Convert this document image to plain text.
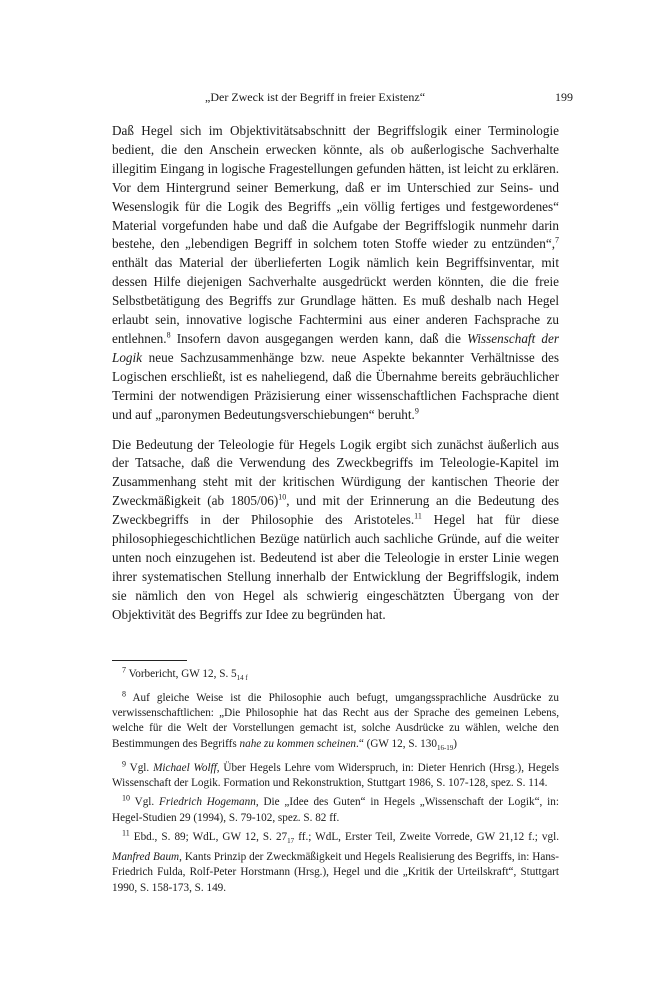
„Der Zweck ist der Begriff in freier Existenz“	199

Daß Hegel sich im Objektivitätsabschnitt der Begriffslogik einer Terminologie bedient, die den Anschein erwecken könnte, als ob außerlogische Sachverhalte illegitim Eingang in logische Fragestellungen gefunden hätten, ist leicht zu erklären. Vor dem Hintergrund seiner Bemerkung, daß er im Unterschied zur Seins- und Wesenslogik für die Logik des Begriffs „ein völlig fertiges und festgewordenes“ Material vorgefunden habe und daß die Aufgabe der Begriffslogik nunmehr darin bestehe, den „lebendigen Begriff in solchem toten Stoffe wieder zu entzünden“,$^7$ enthält das Material der überlieferten Logik nämlich kein Begriffsinventar, mit dessen Hilfe diejenigen Sachverhalte ausgedrückt werden könnten, die die freie Selbstbetätigung des Begriffs zur Grundlage hätten. Es muß deshalb nach Hegel erlaubt sein, innovative logische Fachtermini aus einer anderen Fachsprache zu entlehnen.$^8$ Insofern davon ausgegangen werden kann, daß die Wissenschaft der Logik neue Sachzusammenhänge bzw. neue Aspekte bekannter Verhältnisse des Logischen erschließt, ist es naheliegend, daß die Übernahme bereits gebräuchlicher Termini der notwendigen Präzisierung einer wissenschaftlichen Fachsprache dient und auf „paronymen Bedeutungsverschiebungen“ beruht.$^9$

Die Bedeutung der Teleologie für Hegels Logik ergibt sich zunächst äußerlich aus der Tatsache, daß die Verwendung des Zweckbegriffs im Teleologie-Kapitel im Zusammenhang steht mit der kritischen Würdigung der kantischen Theorie der Zweckmäßigkeit (ab 1805/06)$^{10}$, und mit der Erinnerung an die Bedeutung des Zweckbegriffs in der Philosophie des Aristoteles.$^{11}$ Hegel hat für diese philosophiegeschichtlichen Bezüge natürlich auch sachliche Gründe, auf die weiter unten noch einzugehen ist. Bedeutend ist aber die Teleologie in erster Linie wegen ihrer systematischen Stellung innerhalb der Entwicklung der Begriffslogik, indem sie nämlich den von Hegel als schwierig eingeschätzten Übergang von der Objektivität des Begriffs zur Idee zu begründen hat.

$^7$ Vorbericht, GW 12, S. $5_{14 f}$
$^8$ Auf gleiche Weise ist die Philosophie auch befugt, umgangssprachliche Ausdrücke zu verwissenschaftlichen: „Die Philosophie hat das Recht aus der Sprache des gemeinen Lebens, welche für die Welt der Vorstellungen gemacht ist, solche Ausdrücke zu wählen, welche den Bestimmungen des Begriffs nahe zu kommen scheinen.“ (GW 12, S. $130_{16-19}$)
$^9$ Vgl. Michael Wolff, Über Hegels Lehre vom Widerspruch, in: Dieter Henrich (Hrsg.), Hegels Wissenschaft der Logik. Formation und Rekonstruktion, Stuttgart 1986, S. 107-128, spez. S. 114.
$^{10}$ Vgl. Friedrich Hogemann, Die „Idee des Guten“ in Hegels „Wissenschaft der Logik“, in: Hegel-Studien 29 (1994), S. 79-102, spez. S. 82 ff.
$^{11}$ Ebd., S. 89; WdL, GW 12, S. $27_{17}$ ff.; WdL, Erster Teil, Zweite Vorrede, GW 21,12 f.; vgl. Manfred Baum, Kants Prinzip der Zweckmäßigkeit und Hegels Realisierung des Begriffs, in: Hans-Friedrich Fulda, Rolf-Peter Horstmann (Hrsg.), Hegel und die „Kritik der Urteilskraft“, Stuttgart 1990, S. 158-173, S. 149.
